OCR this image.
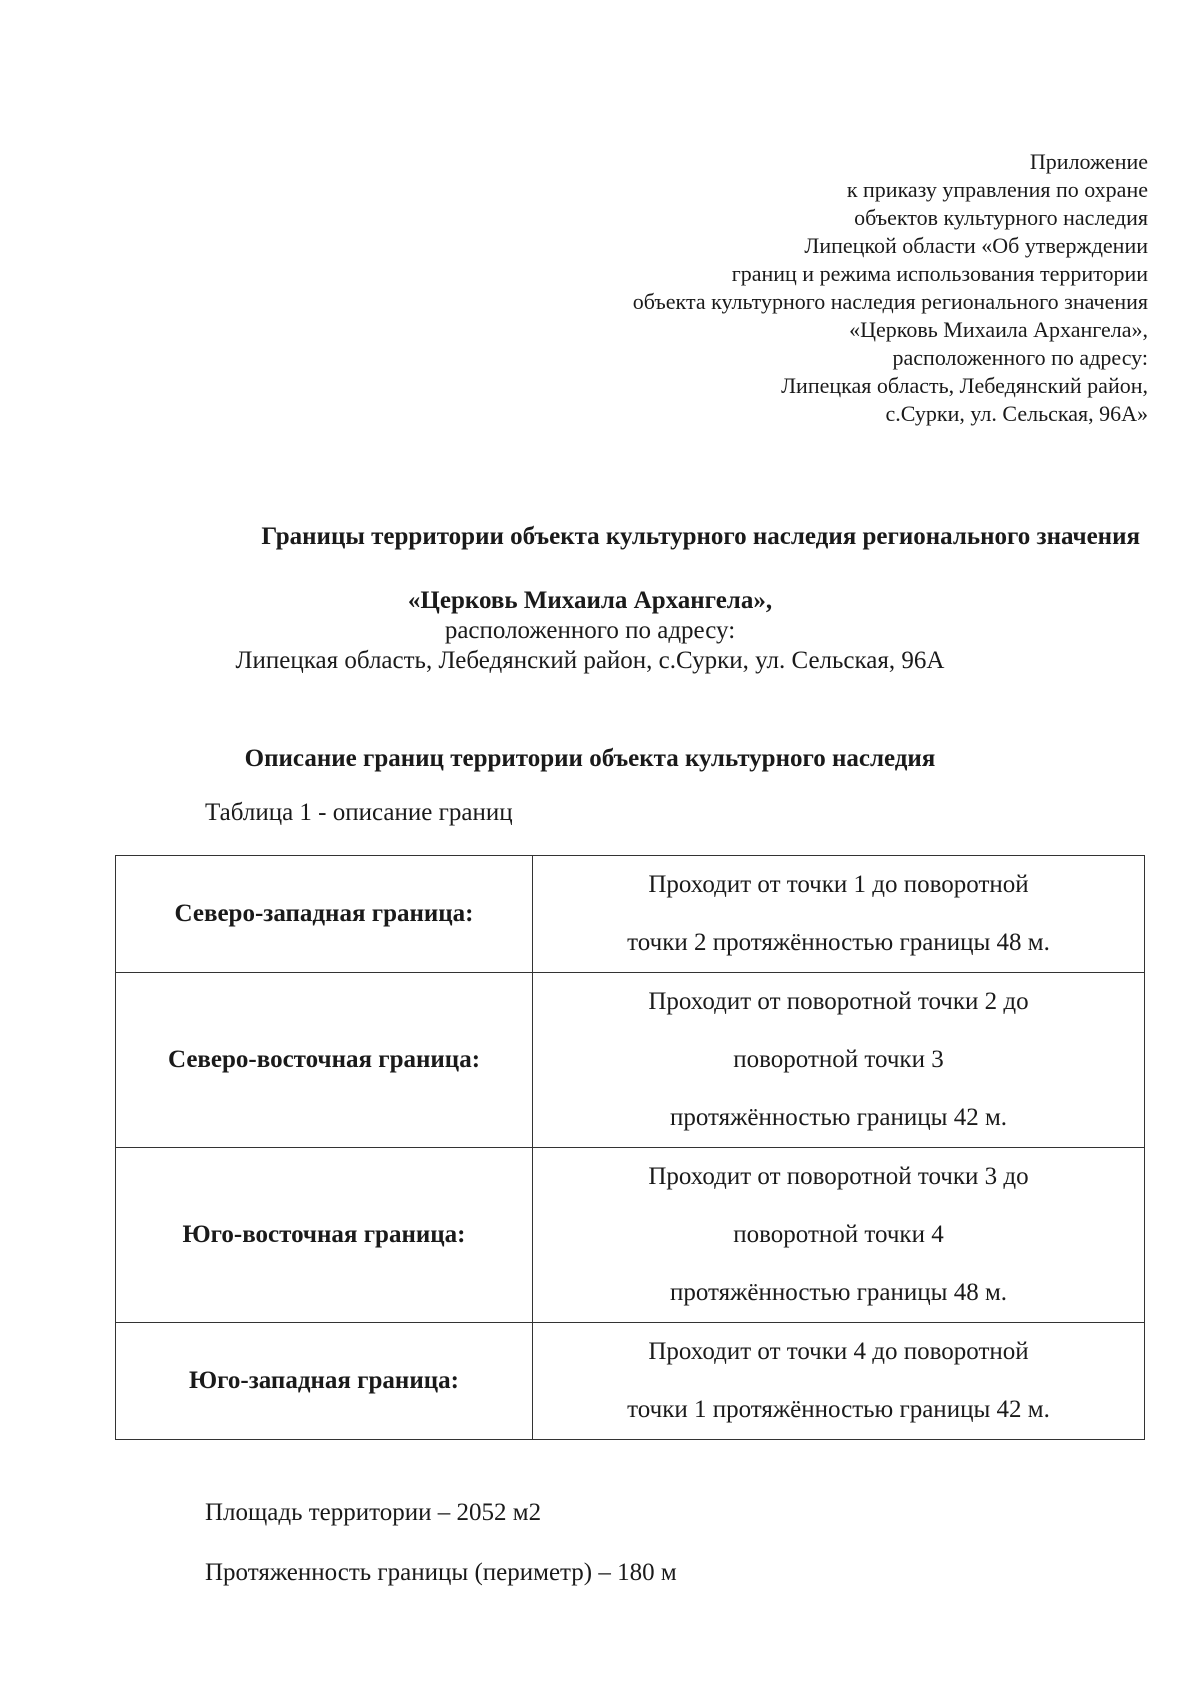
Приложение
к приказу управления по охране
объектов культурного наследия
Липецкой области «Об утверждении
границ и режима использования территории
объекта культурного наследия регионального значения
«Церковь Михаила Архангела»,
расположенного по адресу:
Липецкая область, Лебедянский район,
с.Сурки, ул. Сельская, 96А»
Границы территории объекта культурного наследия регионального значения
«Церковь Михаила Архангела»,
расположенного по адресу:
Липецкая область, Лебедянский район, с.Сурки, ул. Сельская, 96А
Описание границ территории объекта культурного наследия
Таблица 1 - описание границ
Северо-западная граница:	Проходит от точки 1 до поворотной
точки 2 протяжённостью границы 48 м.

Северо-восточная граница:	Проходит от поворотной точки 2 до
поворотной точки 3
протяжённостью границы 42 м.

Юго-восточная граница:	Проходит от поворотной точки 3 до
поворотной точки 4
протяжённостью границы 48 м.

Юго-западная граница:	Проходит от точки 4 до поворотной
точки 1 протяжённостью границы 42 м.
Площадь территории – 2052 м2
Протяженность границы (периметр) – 180 м
